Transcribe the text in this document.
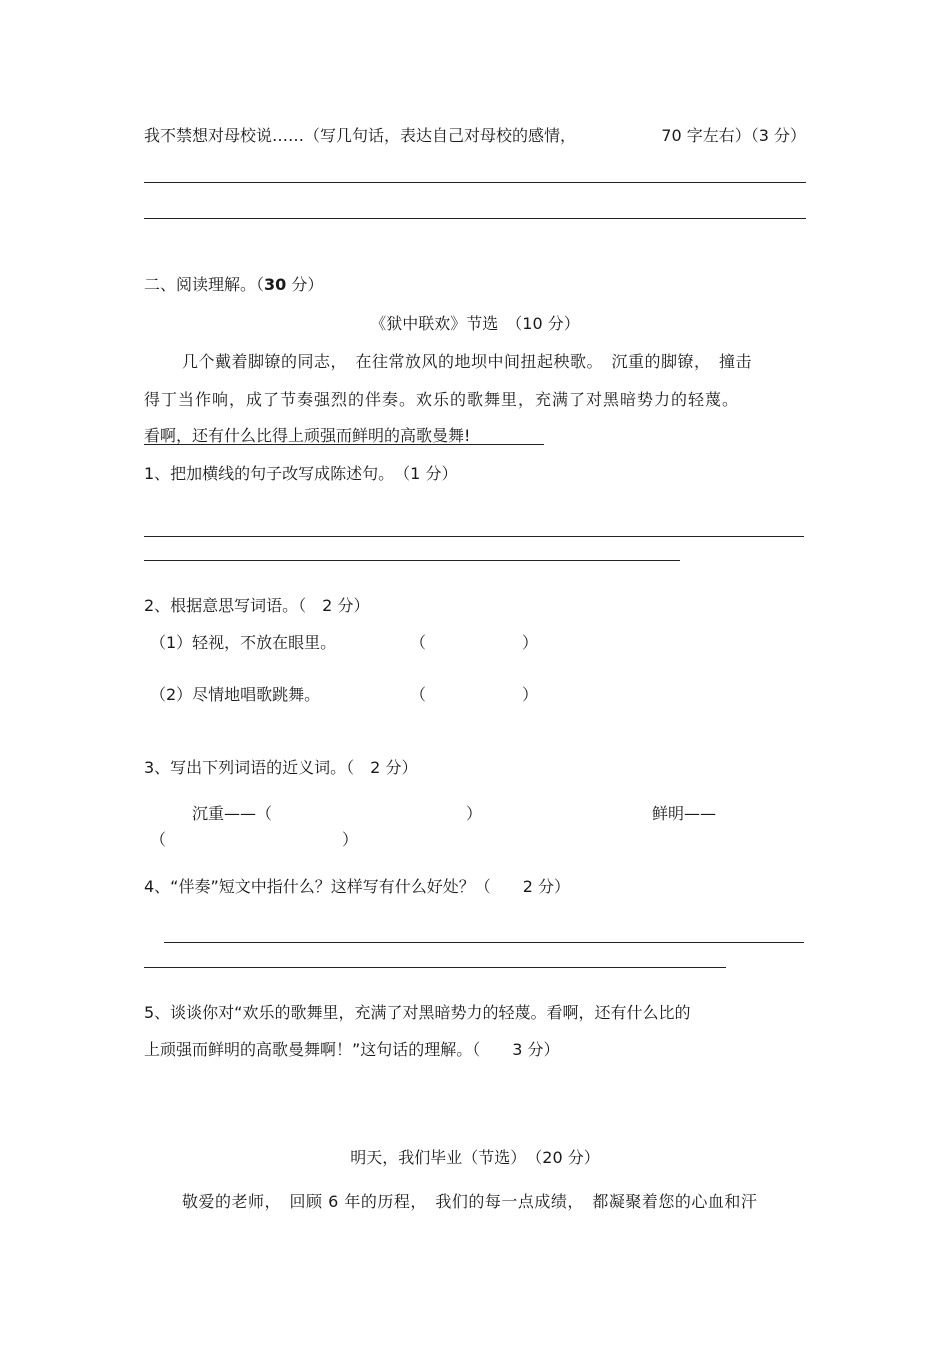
我不禁想对母校说……（写几句话，表达自己对母校的感情，	70 字左右）（3 分）
二、阅读理解。（30 分）
《狱中联欢》节选　（10 分）
几个戴着脚镣的同志，　在往常放风的地坝中间扭起秧歌。　沉重的脚镣，　撞击
得丁当作响，成了节奏强烈的伴奏。欢乐的歌舞里，充满了对黑暗势力的轻蔑。
看啊，还有什么比得上顽强而鲜明的高歌曼舞!
1、把加横线的句子改写成陈述句。　（1 分）
2、根据意思写词语。（　2 分）
（1）轻视，不放在眼里。	（	）
（2）尽情地唱歌跳舞。	（	）
3、写出下列词语的近义词。（　2 分）
沉重——（	）	鲜明——
（	）
4、“伴奏”短文中指什么？这样写有什么好处？（　　2 分）
5、谈谈你对“欢乐的歌舞里，充满了对黑暗势力的轻蔑。看啊，还有什么比的
上顽强而鲜明的高歌曼舞啊！”这句话的理解。（　　3 分）
明天，我们毕业（节选）　（20 分）
敬爱的老师，　回顾 6 年的历程，　我们的每一点成绩，　都凝聚着您的心血和汗
